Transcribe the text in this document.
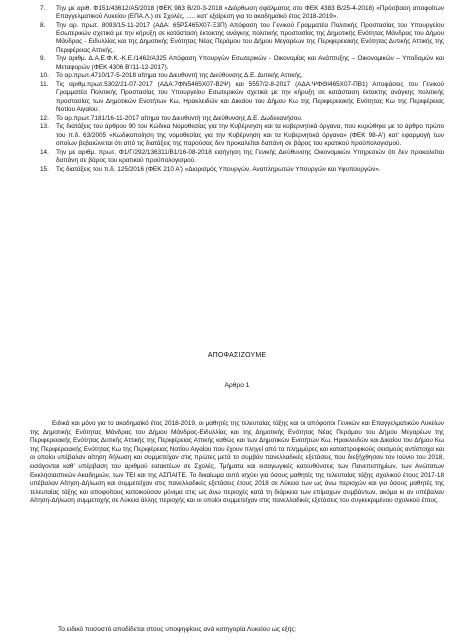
7.	Την με αριθ. Φ151/43612/Α5/2018 (ΦΕΚ 983 Β/20-3-2018 «Διόρθωση σφάλματος στο ΦΕΚ 4383 Β/25-4-2018) «Πρόσβαση αποφοίτων Επαγγελματικού Λυκείου (ΕΠΑ.Λ.) σε Σχολές, ..... κατ' εξαίρεση για το ακαδημαϊκό έτος 2018-2019».
8.	Την αρ. πρωτ. 8093/15-11-2017 (ΑΔΑ: 65ΡΣ465Χ07-Ξ3Π) Απόφαση του Γενικού Γραμματέα Πολιτικής Προστασίας του Υπουργείου Εσωτερικών σχετικά με την κήρυξη σε κατάσταση έκτακτης ανάγκης πολιτικής προστασίας της Δημοτικής Ενότητας Μάνδρας του Δήμου Μάνδρας - Ειδυλλίας και της Δημοτικής Ενότητας Νέας Περάμου του Δήμου Μεγαρέων της Περιφερειακής Ενότητας Δυτικής Αττικής της Περιφέρειας Αττικής.
9.	Την αριθμ. Δ.Α.Ε.Φ.Κ.-Κ.Ε./1462/Α325 Απόφαση Υπουργών Εσωτερικών - Οικονομίας και Ανάπτυξης – Οικονομικών – Υποδομών και Μεταφορών (ΦΕΚ 4306 Β'/11-12-2017).
10.	Το αρ.πρωτ.4710/17-5-2018 αίτημα του Διευθυντή της Διεύθυνσης Δ.Ε. Δυτικής Αττικής.
11.	Τις αριθμ.πρωτ.5302/21-07-2017 (ΑΔΑ:7ΦΝ5465Χ07-Β2Ψ) και 5557/2-8-2017 (ΑΔΑ:ΨΦΘΙ465Χ07-ΠΒ1) Αποφάσεις του Γενικού Γραμματέα Πολιτικής Προστασίας του Υπουργείου Εσωτερικών σχετικά με την κήρυξη σε κατάσταση έκτακτης ανάγκης πολιτικής προστασίας των Δημοτικών Ενοτήτων Κω, Ηρακλειδών και Δικαίου του Δήμου Κω της Περιφερειακής Ενότητας Κω της Περιφέρειας Νοτίου Αιγαίου.
12.	Το αρ.πρωτ.7181/16-11-2017 αίτημα του Διευθυντή της Διεύθυνσης Δ.Ε. Δωδεκανήσου.
13.	Τις διατάξεις του άρθρου 90 του Κώδικα Νομοθεσίας για την Κυβέρνηση και τα κυβερνητικά όργανα, που κυρώθηκε με το άρθρο πρώτο του π.δ. 63/2005 «Κωδικοποίηση της νομοθεσίας για την Κυβέρνηση και τα Κυβερνητικά όργανα» (ΦΕΚ 98-Α') κατ' εφαρμογή των οποίων βεβαιώνεται ότι από τις διατάξεις της παρούσας δεν προκαλείται δαπάνη σε βάρος του κρατικού προϋπολογισμού.
14.	Την με αριθμ. πρωτ. Φ1/Γ/292/136311/Β1/16-08-2018 εισήγηση της Γενικής Διεύθυνσης Οικονομικών Υπηρεσιών ότι δεν προκαλείται δαπάνη σε βάρος του κρατικού προϋπολογισμού.
15.	Τις διατάξεις του π.δ. 125/2016 (ΦΕΚ 210 Α') «Διορισμός Υπουργών, Αναπληρωτών Υπουργών και Υφυπουργών».
ΑΠΟΦΑΣΙΖΟΥΜΕ
Άρθρο 1

Ειδικά και μόνο για το ακαδημαϊκό έτος 2018-2019, οι μαθητές της τελευταίας τάξης και οι απόφοιτοι Γενικών και Επαγγελματικών Λυκείων της Δημοτικής Ενότητας Μάνδρας του Δήμου Μάνδρας-Ειδυλλίας και της Δημοτικής Ενότητας Νέας Περάμου του Δήμου Μεγαρέων της Περιφερειακής Ενότητας Δυτικής Αττικής της Περιφέρειας Αττικής καθώς και των Δημοτικών Ενοτήτων Κω, Ηρακλειδών και Δικαίου του Δήμου Κω της Περιφερειακής Ενότητας Κω της Περιφέρειας Νοτίου Αιγαίου που έχουν πληγεί από τα πλημμύρες και καταστροφικούς σεισμούς αντίστοιχα και οι οποίοι υπέβαλαν αίτηση δήλωση και συμμετείχαν στις πρώτες μετά το συμβάν πανελλαδικές εξετάσεις που διεξήχθησαν τον Ιούνιο του 2018, εισάγονται καθ' υπέρβαση του αριθμού εισακτέων σε Σχολές, Τμήματα και εισαγωγικές κατευθύνσεις των Πανεπιστημίων, των Ανώτατων Εκκλησιαστικών Ακαδημιών, των ΤΕΙ και της ΑΣΠΑΙΤΕ. Το δικαίωμα αυτό ισχύει για όσους μαθητές της τελευταίας τάξης σχολικού έτους 2017-18 υπέβαλαν Αίτηση-Δήλωση και συμμετείχαν στις πανελλαδικές εξετάσεις έτους 2018 σε Λύκεια των ως άνω περιοχών και για όσους μαθητές της τελευταίας τάξης και αποφοίτους κατοικούσαν μόνιμα στις ως άνω περιοχές κατά τη διάρκεια των επίμαχων συμβάντων, ακόμα κι αν υπέβαλαν Αίτηση-Δήλωση συμμετοχής σε Λύκεια άλλης περιοχής και οι οποίοι συμμετείχαν στις πανελλαδικές εξετάσεις του συγκεκριμένου σχολικού έτους.

Το ειδικό ποσοστό αποδίδεται στους υποψηφίους ανά κατηγορία Λυκείου ως εξής:
